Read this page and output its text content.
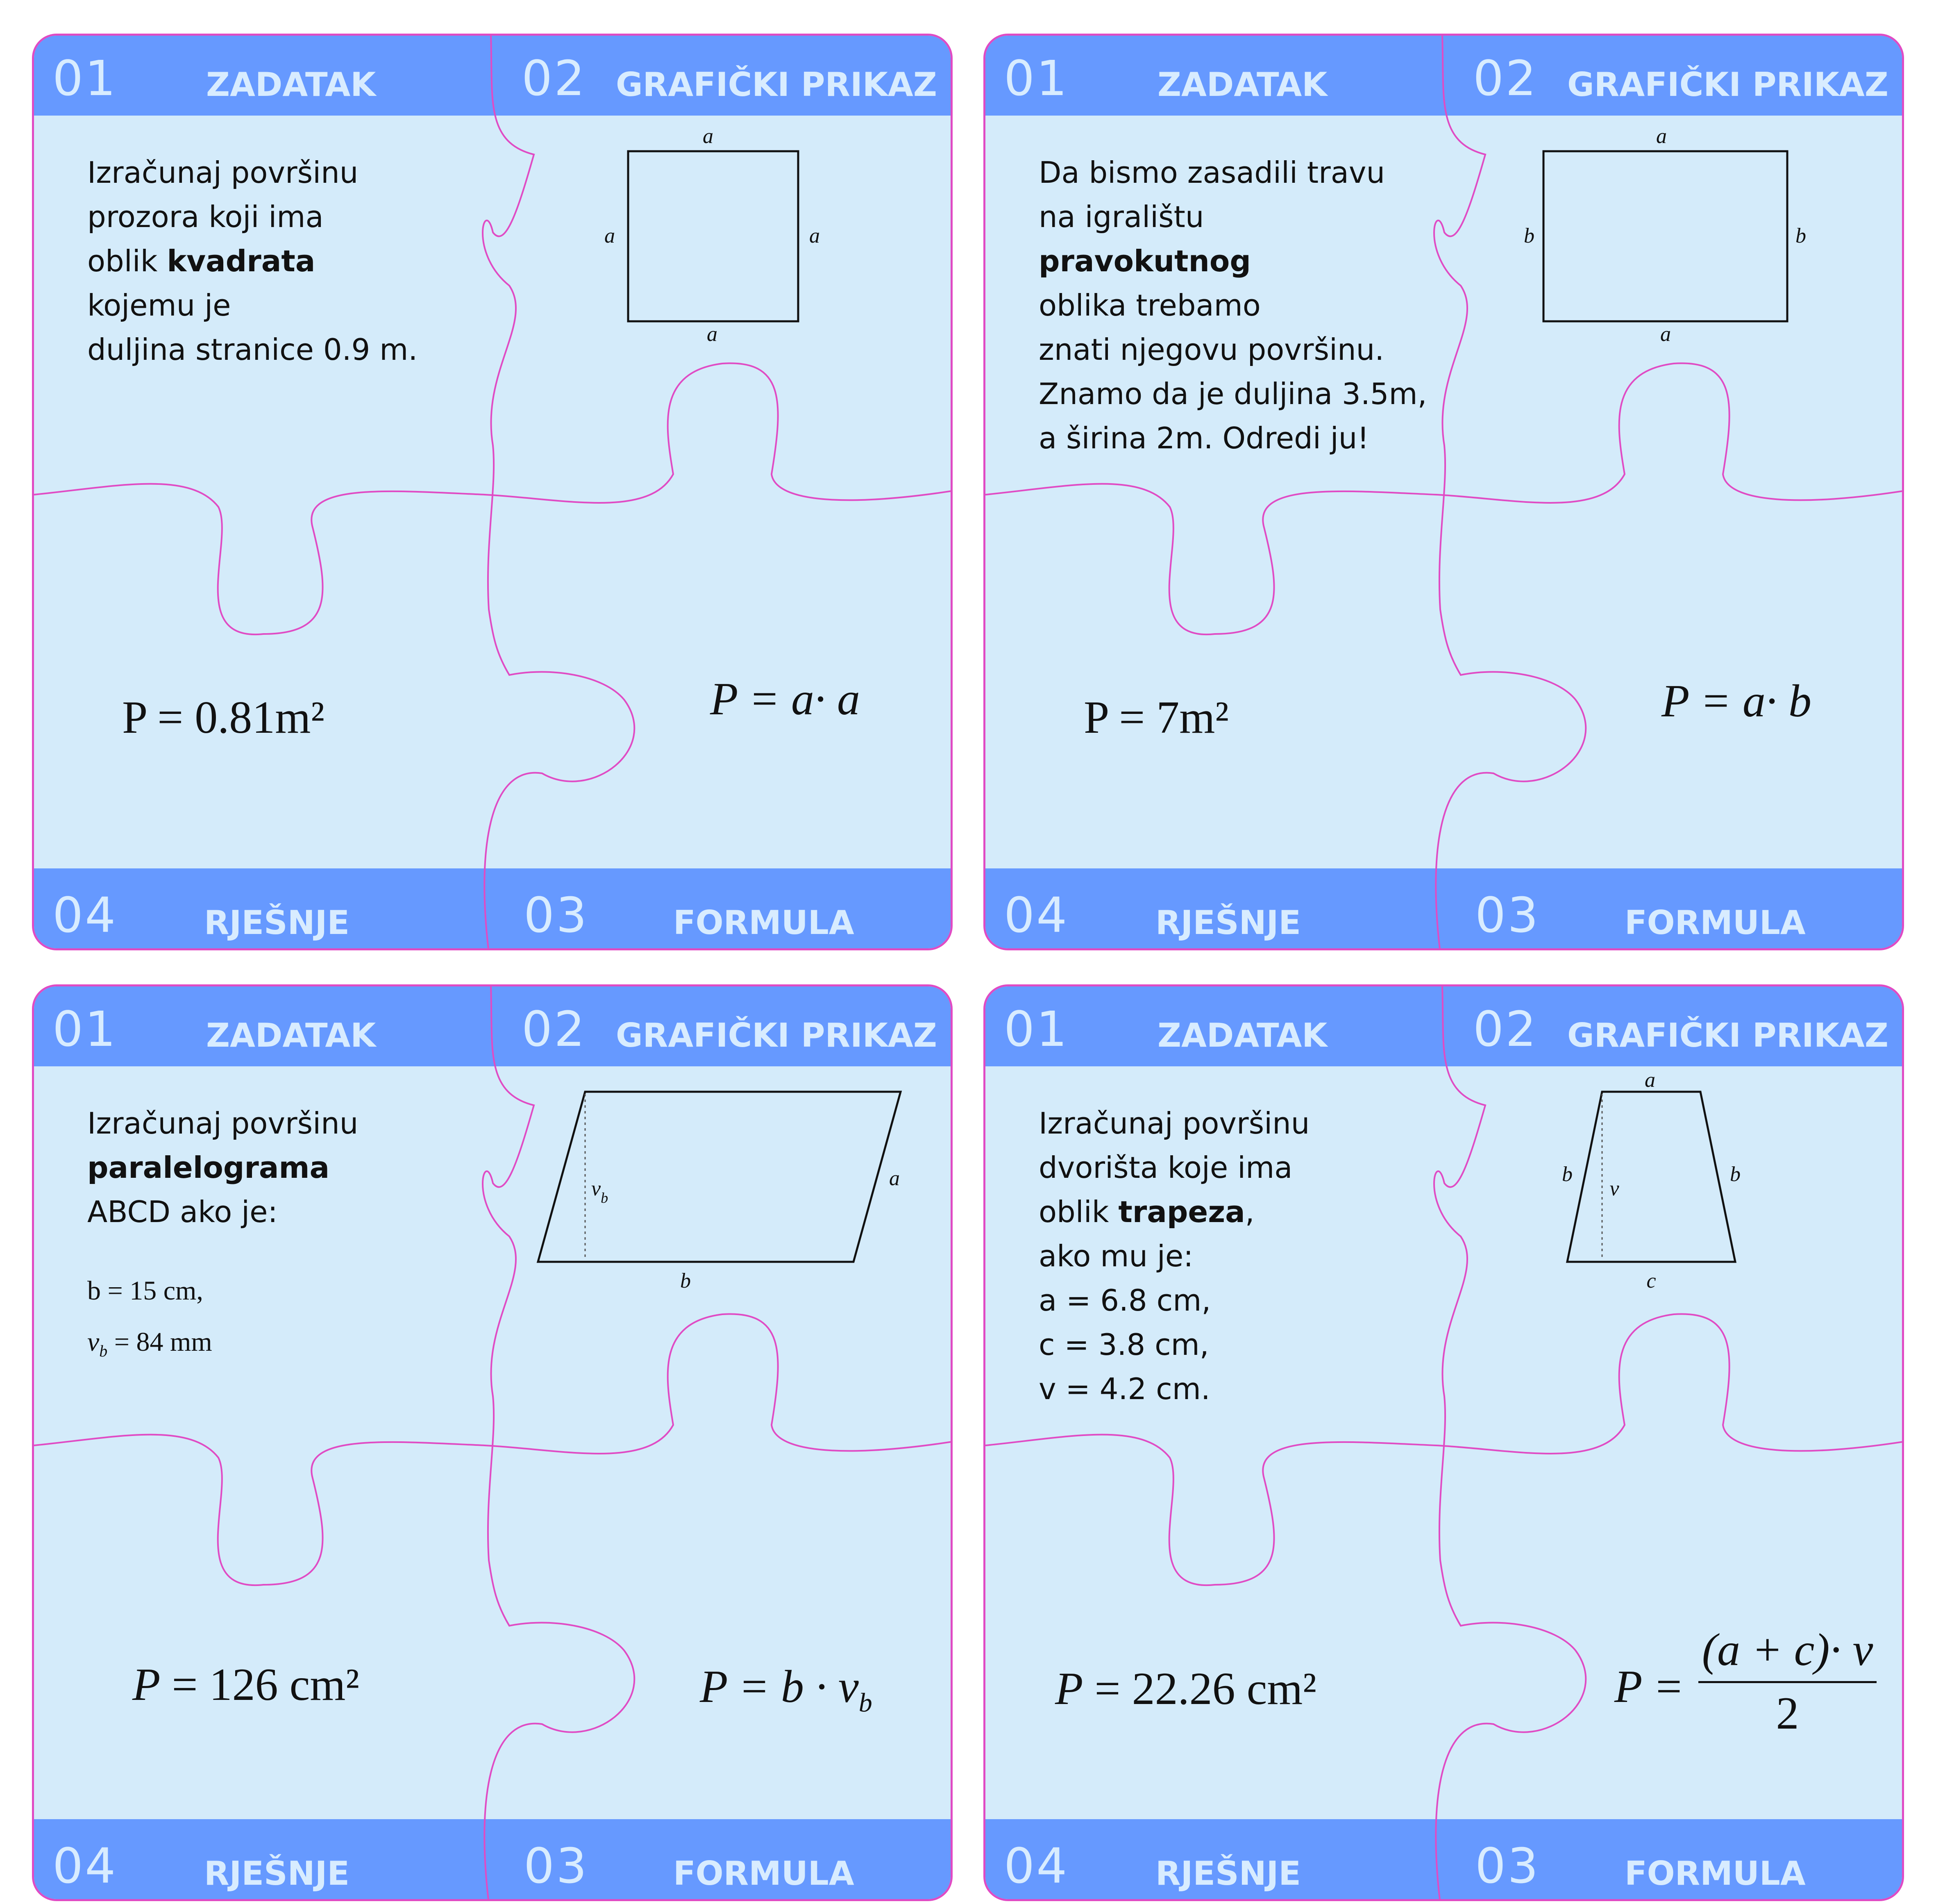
01	ZADATAK	02 GRAFIČKI PRIKAZ
04	RJEŠNJE	03	FORMULA

Izračunaj površinu

prozora koji ima

oblik kvadrata

kojemu je

duljina stranice 0.9 m.

a
a	a
a
P = a· a
P = 0.81m²
01	ZADATAK	02 GRAFIČKI PRIKAZ
04	RJEŠNJE	03	FORMULA

Da bismo zasadili travu

na igralištu

pravokutnog

oblika trebamo

znati njegovu površinu.

Znamo da je duljina 3.5m,

a širina 2m. Odredi ju!

a
b	b
a
P = a· b
P = 7m²
01	ZADATAK	02 GRAFIČKI PRIKAZ
04	RJEŠNJE	03	FORMULA

Izračunaj površinu

paralelograma

ABCD ako je:

b = 15 cm,
$v_b = 84$ mm
$v_b$
a
b
$P = b \cdot v_b$
P = 126 cm²
01	ZADATAK	02 GRAFIČKI PRIKAZ
04	RJEŠNJE	03	FORMULA

Izračunaj površinu

dvorišta koje ima

oblik trapeza,

ako mu je:

a = 6.8 cm,

c = 3.8 cm,

v = 4.2 cm.

a
b
v
b
c
P =
(a + c)· v
2
P = 22.26 cm²
